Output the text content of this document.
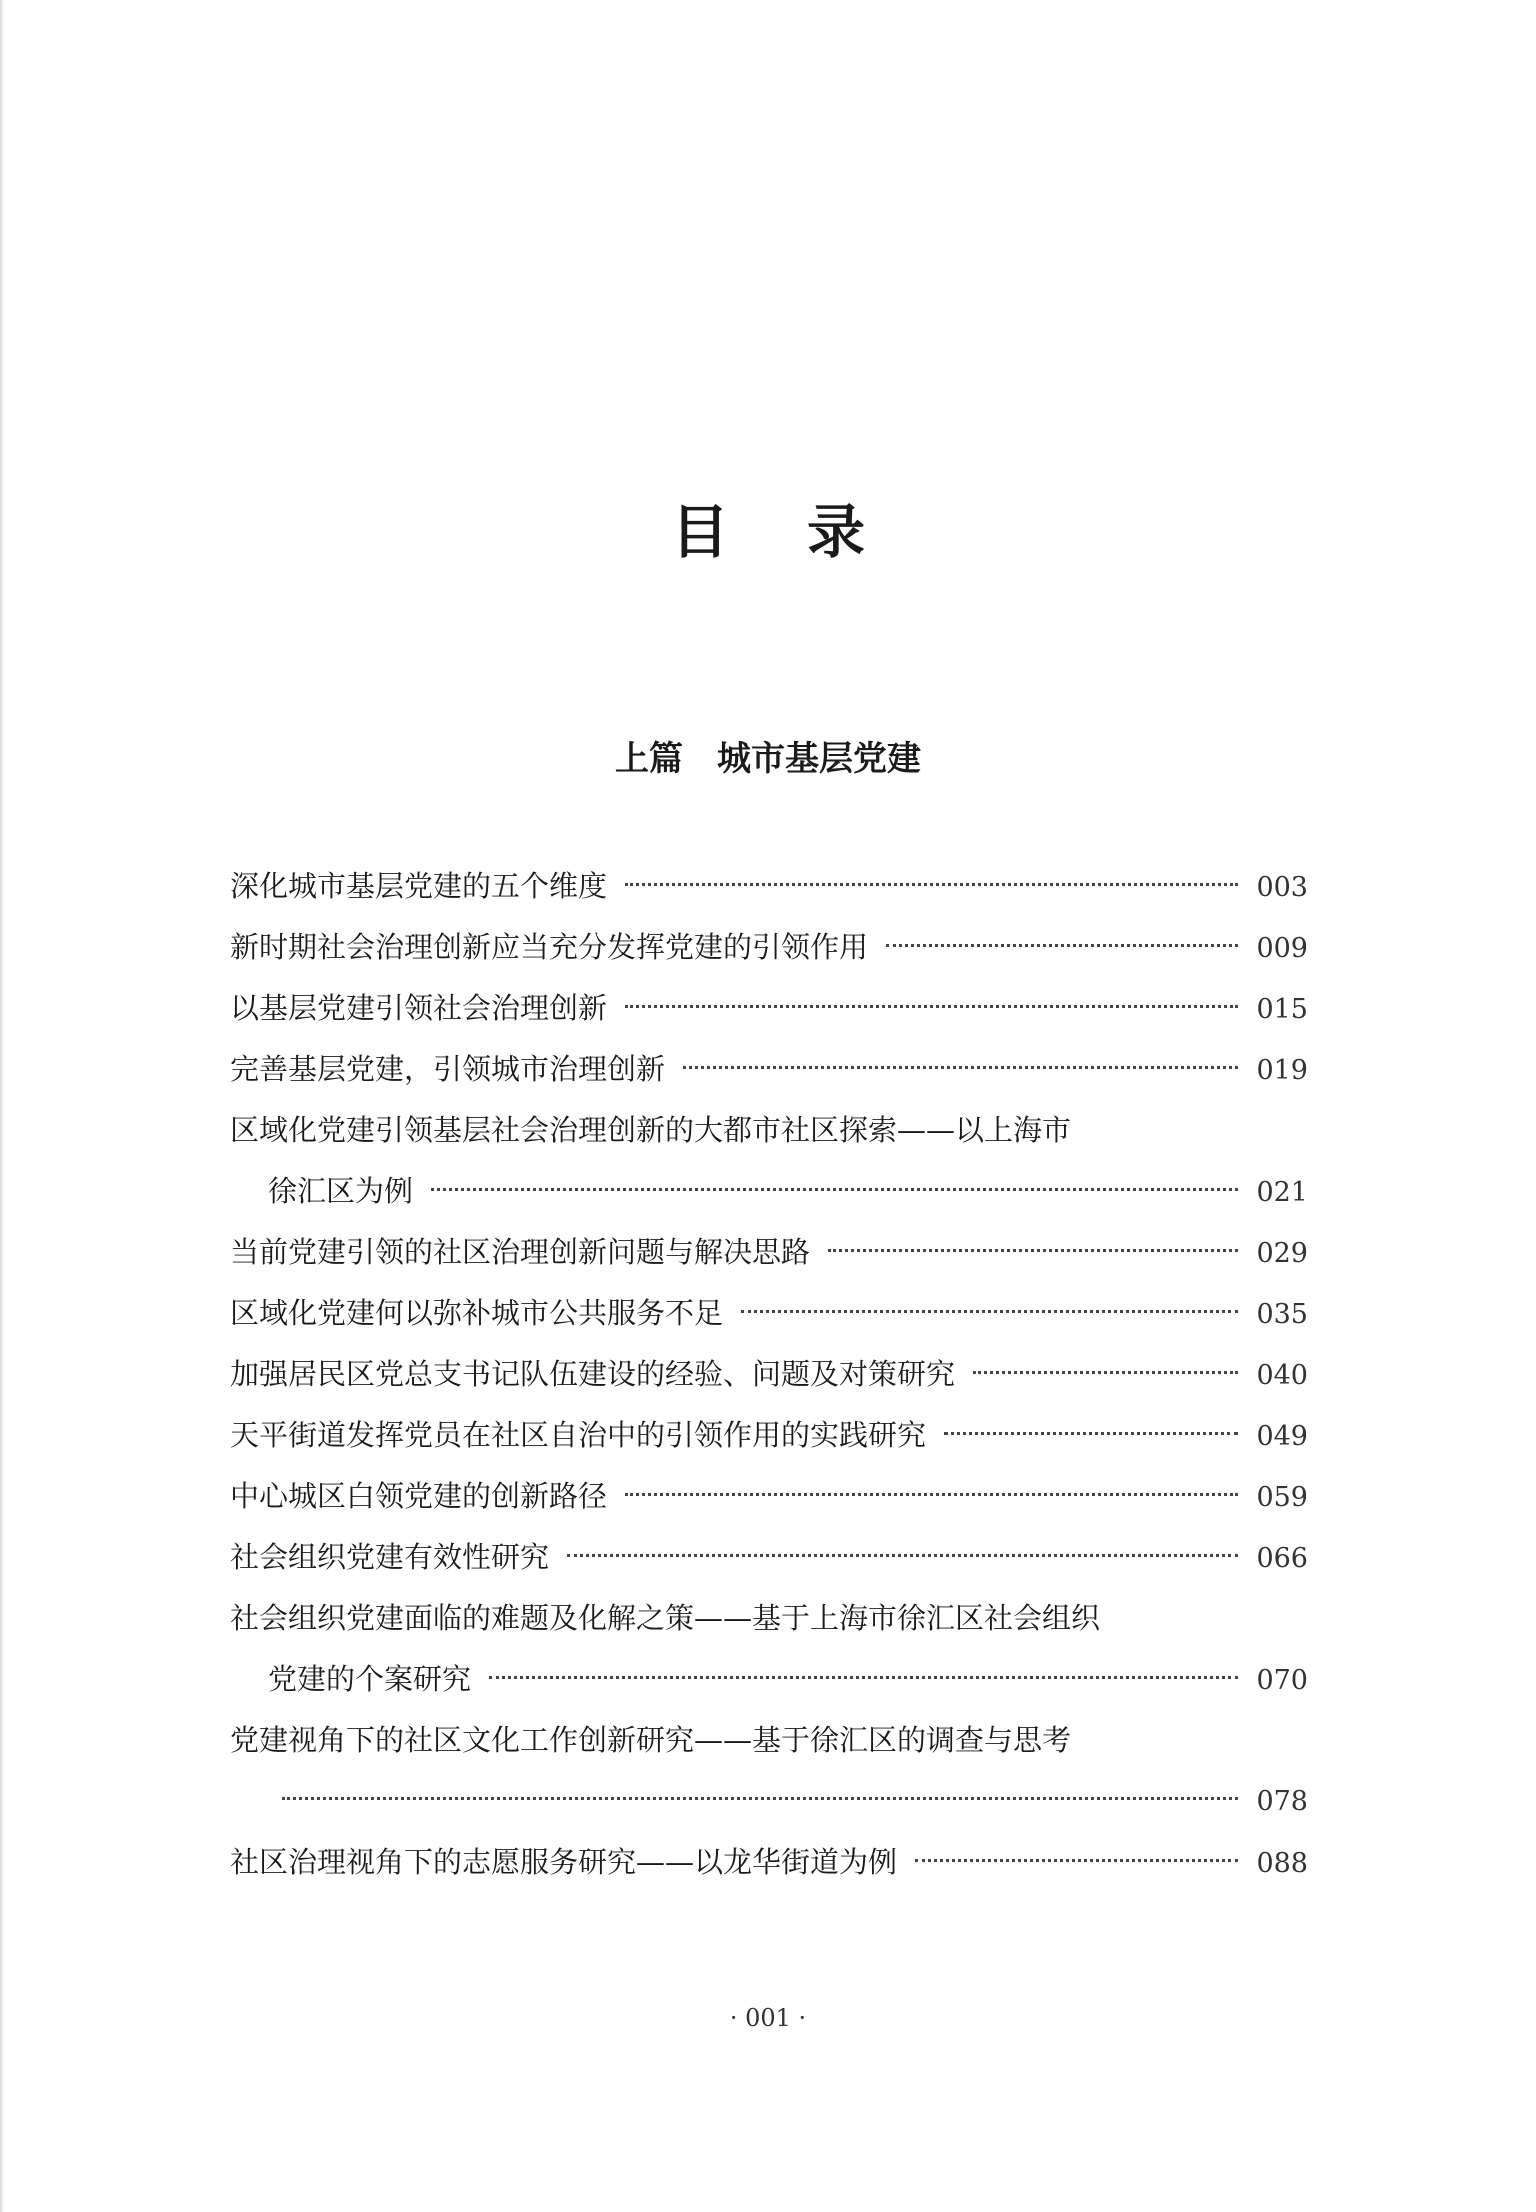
目录
上篇 城市基层党建
深化城市基层党建的五个维度	003
新时期社会治理创新应当充分发挥党建的引领作用	009
以基层党建引领社会治理创新	015
完善基层党建，引领城市治理创新	019
区域化党建引领基层社会治理创新的大都市社区探索——以上海市
徐汇区为例	021
当前党建引领的社区治理创新问题与解决思路	029
区域化党建何以弥补城市公共服务不足	035
加强居民区党总支书记队伍建设的经验、问题及对策研究	040
天平街道发挥党员在社区自治中的引领作用的实践研究	049
中心城区白领党建的创新路径	059
社会组织党建有效性研究	066
社会组织党建面临的难题及化解之策——基于上海市徐汇区社会组织
党建的个案研究	070
党建视角下的社区文化工作创新研究——基于徐汇区的调查与思考
078
社区治理视角下的志愿服务研究——以龙华街道为例	088
· 001 ·
